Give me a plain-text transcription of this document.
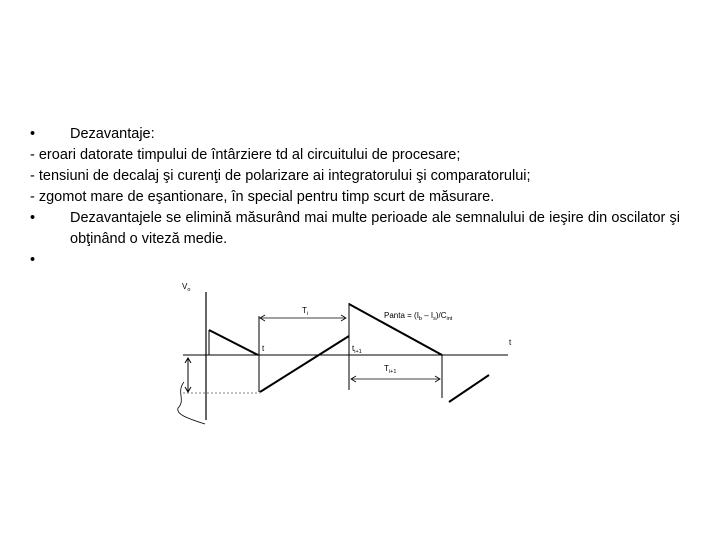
• Dezavantaje:
- eroari datorate timpului de întârziere td al circuitului de procesare;
- tensiuni de decalaj şi curenţi de polarizare ai integratorului şi comparatorului;
- zgomot mare de eşantionare, în special pentru timp scurt de măsurare.
•	Dezavantajele se elimină măsurând mai multe perioade ale semnalului de ieşire din oscilator şi obţinând o viteză medie.
•
$V_o$
$T_i$	Panta = $(I_b - I_s)/C_{int}$
t
t	$t_{i+1}$
$T_{i+1}$
